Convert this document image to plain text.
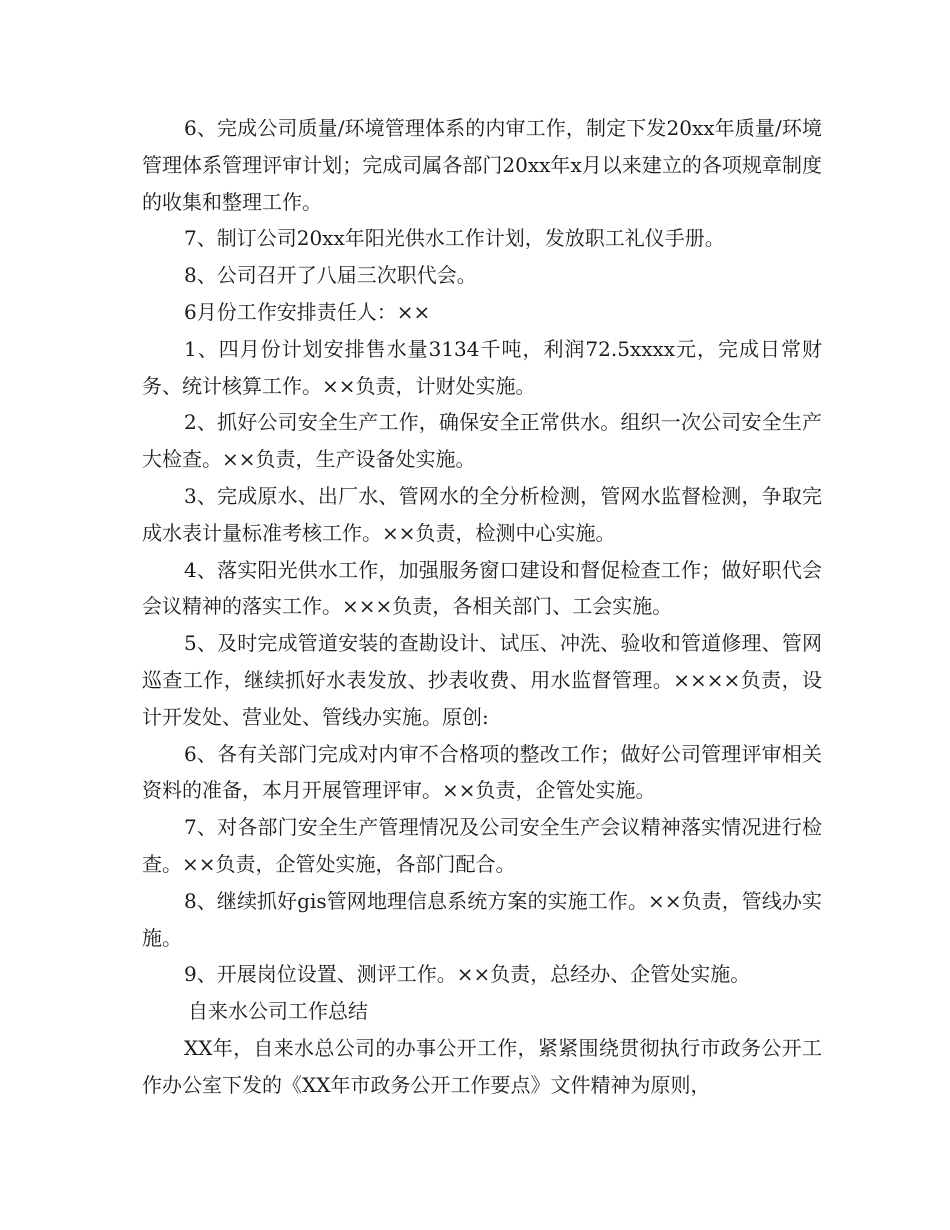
6、完成公司质量/环境管理体系的内审工作，制定下发20xx年质量/环境管理体系管理评审计划；完成司属各部门20xx年x月以来建立的各项规章制度的收集和整理工作。

7、制订公司20xx年阳光供水工作计划，发放职工礼仪手册。

8、公司召开了八届三次职代会。

6月份工作安排责任人：××

1、四月份计划安排售水量3134千吨，利润72.5xxxx元，完成日常财务、统计核算工作。××负责，计财处实施。

2、抓好公司安全生产工作，确保安全正常供水。组织一次公司安全生产大检查。××负责，生产设备处实施。

3、完成原水、出厂水、管网水的全分析检测，管网水监督检测，争取完成水表计量标准考核工作。××负责，检测中心实施。

4、落实阳光供水工作，加强服务窗口建设和督促检查工作；做好职代会会议精神的落实工作。×××负责，各相关部门、工会实施。

5、及时完成管道安装的查勘设计、试压、冲洗、验收和管道修理、管网巡查工作，继续抓好水表发放、抄表收费、用水监督管理。××××负责，设计开发处、营业处、管线办实施。原创:

6、各有关部门完成对内审不合格项的整改工作；做好公司管理评审相关资料的准备，本月开展管理评审。××负责，企管处实施。

7、对各部门安全生产管理情况及公司安全生产会议精神落实情况进行检查。××负责，企管处实施，各部门配合。

8、继续抓好gis管网地理信息系统方案的实施工作。××负责，管线办实施。

9、开展岗位设置、测评工作。××负责，总经办、企管处实施。

自来水公司工作总结

XX年，自来水总公司的办事公开工作，紧紧围绕贯彻执行市政务公开工作办公室下发的《XX年市政务公开工作要点》文件精神为原则，
